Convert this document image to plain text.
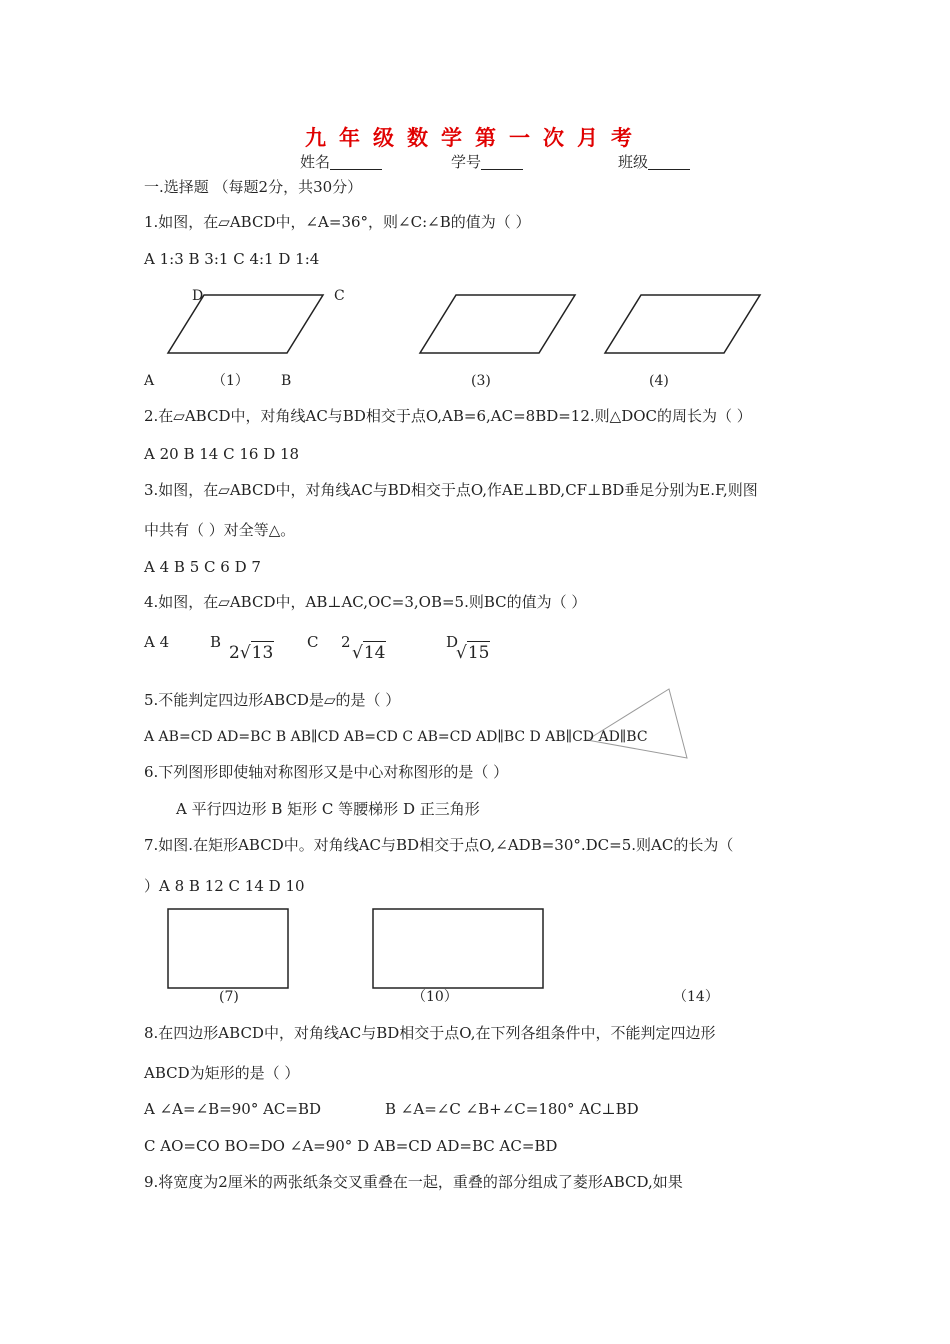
九年级数学第一次月考
姓名	学号	班级
一.选择题 （每题2分，共30分）
1.如图，在▱ABCD中，∠A=36°，则∠C:∠B的值为（ ）
A 1:3 B 3:1 C 4:1 D 1:4
D	C
A	（1） B	(3)	(4)
2.在▱ABCD中，对角线AC与BD相交于点O,AB=6,AC=8BD=12.则△DOC的周长为（ ）
A 20 B 14 C 16 D 18
3.如图，在▱ABCD中，对角线AC与BD相交于点O,作AE⊥BD,CF⊥BD垂足分别为E.F,则图
中共有（ ）对全等△。
A 4 B 5 C 6 D 7
4.如图，在▱ABCD中，AB⊥AC,OC=3,OB=5.则BC的值为（ ）
A 4	B
2√13
C 2
√14
D
√15
5.不能判定四边形ABCD是▱的是（ ）
A AB=CD AD=BC B AB∥CD AB=CD C AB=CD AD∥BC D AB∥CD AD∥BC
6.下列图形即使轴对称图形又是中心对称图形的是（ ）
A 平行四边形 B 矩形 C 等腰梯形 D 正三角形
7.如图.在矩形ABCD中。对角线AC与BD相交于点O,∠ADB=30°.DC=5.则AC的长为（
）A 8 B 12 C 14 D 10
(7)	（10）	（14）
8.在四边形ABCD中，对角线AC与BD相交于点O,在下列各组条件中，不能判定四边形
ABCD为矩形的是（ ）
A ∠A=∠B=90° AC=BD	B ∠A=∠C ∠B+∠C=180° AC⊥BD
C AO=CO BO=DO ∠A=90° D AB=CD AD=BC AC=BD
9.将宽度为2厘米的两张纸条交叉重叠在一起，重叠的部分组成了菱形ABCD,如果
